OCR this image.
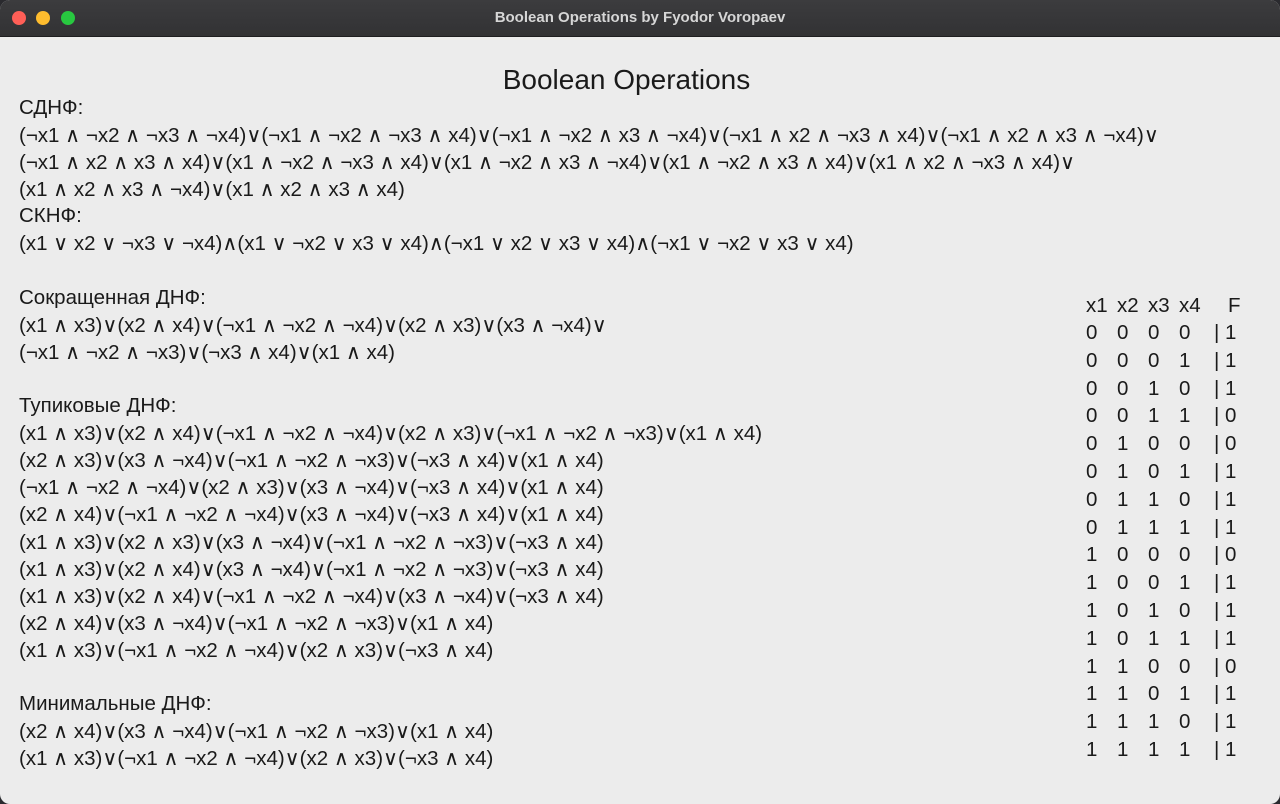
Boolean Operations by Fyodor Voropaev
Boolean Operations
СДНФ:
(¬x1 ∧ ¬x2 ∧ ¬x3 ∧ ¬x4)∨(¬x1 ∧ ¬x2 ∧ ¬x3 ∧ x4)∨(¬x1 ∧ ¬x2 ∧ x3 ∧ ¬x4)∨(¬x1 ∧ x2 ∧ ¬x3 ∧ x4)∨(¬x1 ∧ x2 ∧ x3 ∧ ¬x4)∨
(¬x1 ∧ x2 ∧ x3 ∧ x4)∨(x1 ∧ ¬x2 ∧ ¬x3 ∧ x4)∨(x1 ∧ ¬x2 ∧ x3 ∧ ¬x4)∨(x1 ∧ ¬x2 ∧ x3 ∧ x4)∨(x1 ∧ x2 ∧ ¬x3 ∧ x4)∨
(x1 ∧ x2 ∧ x3 ∧ ¬x4)∨(x1 ∧ x2 ∧ x3 ∧ x4)
СКНФ:
(x1 ∨ x2 ∨ ¬x3 ∨ ¬x4)∧(x1 ∨ ¬x2 ∨ x3 ∨ x4)∧(¬x1 ∨ x2 ∨ x3 ∨ x4)∧(¬x1 ∨ ¬x2 ∨ x3 ∨ x4)
Сокращенная ДНФ:
(x1 ∧ x3)∨(x2 ∧ x4)∨(¬x1 ∧ ¬x2 ∧ ¬x4)∨(x2 ∧ x3)∨(x3 ∧ ¬x4)∨
(¬x1 ∧ ¬x2 ∧ ¬x3)∨(¬x3 ∧ x4)∨(x1 ∧ x4)
Тупиковые ДНФ:
(x1 ∧ x3)∨(x2 ∧ x4)∨(¬x1 ∧ ¬x2 ∧ ¬x4)∨(x2 ∧ x3)∨(¬x1 ∧ ¬x2 ∧ ¬x3)∨(x1 ∧ x4)
(x2 ∧ x3)∨(x3 ∧ ¬x4)∨(¬x1 ∧ ¬x2 ∧ ¬x3)∨(¬x3 ∧ x4)∨(x1 ∧ x4)
(¬x1 ∧ ¬x2 ∧ ¬x4)∨(x2 ∧ x3)∨(x3 ∧ ¬x4)∨(¬x3 ∧ x4)∨(x1 ∧ x4)
(x2 ∧ x4)∨(¬x1 ∧ ¬x2 ∧ ¬x4)∨(x3 ∧ ¬x4)∨(¬x3 ∧ x4)∨(x1 ∧ x4)
(x1 ∧ x3)∨(x2 ∧ x3)∨(x3 ∧ ¬x4)∨(¬x1 ∧ ¬x2 ∧ ¬x3)∨(¬x3 ∧ x4)
(x1 ∧ x3)∨(x2 ∧ x4)∨(x3 ∧ ¬x4)∨(¬x1 ∧ ¬x2 ∧ ¬x3)∨(¬x3 ∧ x4)
(x1 ∧ x3)∨(x2 ∧ x4)∨(¬x1 ∧ ¬x2 ∧ ¬x4)∨(x3 ∧ ¬x4)∨(¬x3 ∧ x4)
(x2 ∧ x4)∨(x3 ∧ ¬x4)∨(¬x1 ∧ ¬x2 ∧ ¬x3)∨(x1 ∧ x4)
(x1 ∧ x3)∨(¬x1 ∧ ¬x2 ∧ ¬x4)∨(x2 ∧ x3)∨(¬x3 ∧ x4)
Минимальные ДНФ:
(x2 ∧ x4)∨(x3 ∧ ¬x4)∨(¬x1 ∧ ¬x2 ∧ ¬x3)∨(x1 ∧ x4)
(x1 ∧ x3)∨(¬x1 ∧ ¬x2 ∧ ¬x4)∨(x2 ∧ x3)∨(¬x3 ∧ x4)
x1 x2 x3 x4 F
0 0 0 0 | 1
0 0 0 1 | 1
0 0 1 0 | 1
0 0 1 1 | 0
0 1 0 0 | 0
0 1 0 1 | 1
0 1 1 0 | 1
0 1 1 1 | 1
1 0 0 0 | 0
1 0 0 1 | 1
1 0 1 0 | 1
1 0 1 1 | 1
1 1 0 0 | 0
1 1 0 1 | 1
1 1 1 0 | 1
1 1 1 1 | 1
